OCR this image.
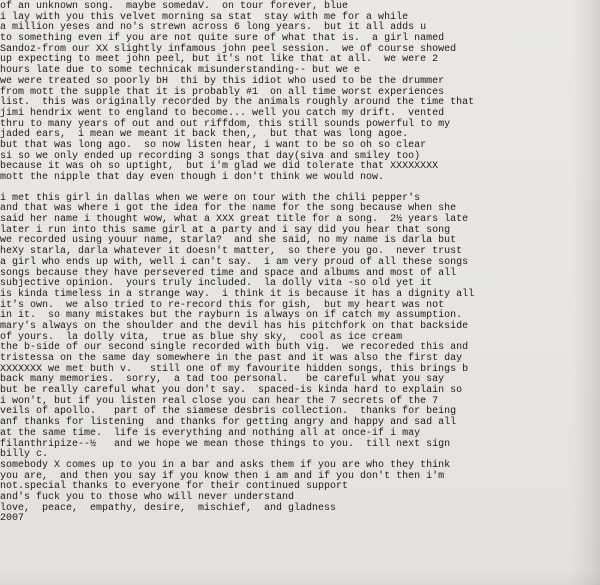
of an unknown song.  maybe somedaV.  on tour forever, blue
i lay with you this velvet morning sa stat  stay with me for a while
a million yeses and no's strewn across 6 long years.  but it all adds u
to something even if you are not quite sure of what that is.  a girl named
Sandoz-from our XX slightly infamous john peel session.  we of course showed
up expecting to meet john peel, but it's not like that at all.  we were 2
hours late due to some technicak misunderstanding-- but we e
we were treated so poorly bH  thi by this idiot who used to be the drummer
from mott the supple that it is probably #1  on all time worst experiences
list.  this was originally recorded by the animals roughly around the time that
jimi hendrix went to england to become... well you catch my drift.  vented
thru to many years of out and out riffdom, this still sounds powerful to my
jaded ears,  i mean we meant it back then,,  but that was long agoe.
but that was long ago.  so now listen hear, i want to be so oh so clear
si so we only ended up recording 3 songs that day(siva and smiley too)
because it was oh so uptight,  but i'm glad we did tolerate that XXXXXXXX
mott the nipple that day even though i don't think we would now.
i met this girl in dallas when we were on tour with the chili pepper's
and that was where i got the idea for the name for the song because when she
said her name i thought wow, what a XXX great title for a song.  2½ years late
later i run into this same girl at a party and i say did you hear that song
we recorded using youur name, starla?  and she said, no my name is darla but
heXy starla, darla whatever it doesn't matter,  so there you go.  never trust
a girl who ends up with, well i can't say.  i am very proud of all these songs
songs because they have persevered time and space and albums and most of all
subjective opinion.  yours truly included.  la dolly vita -so old yet it
is kinda timeless in a strange way.  i think it is because it has a dignity all
it's own.  we also tried to re-record this for gish,  but my heart was not
in it.  so many mistakes but the rayburn is always on if catch my assumption.
mary's always on the shoulder and the devil has his pitchfork on that backside
of yours.  la dolly vita,  true as blue shy sky,  cool as ice cream
the b-side of our second single recorded with buth vig.  we recoreded this and
tristessa on the same day somewhere in the past and it was also the first day
XXXXXXX we met buth v.   still one of my favourite hidden songs, this brings b
back many memories.  sorry,  a tad too personal.   be careful what you say
but be really careful what you don't say.  spaced-is kinda hard to explain so
i won't, but if you listen real close you can hear the 7 secrets of the 7
veils of apollo.   part of the siamese desbris collection.  thanks for being
anf thanks for listening  and thanks for getting angry and happy and sad all
at the same time.  life is everything and nothing all at once-if i may
filanthripize--½   and we hope we mean those things to you.  till next sign
billy c.
somebody X comes up to you in a bar and asks them if you are who they think
you are,  and then you say if you know then i am and if you don't then i'm
not.special thanks to everyone for their continued support
and's fuck you to those who will never understand
love,  peace,  empathy, desire,  mischief,  and gladness
2007
